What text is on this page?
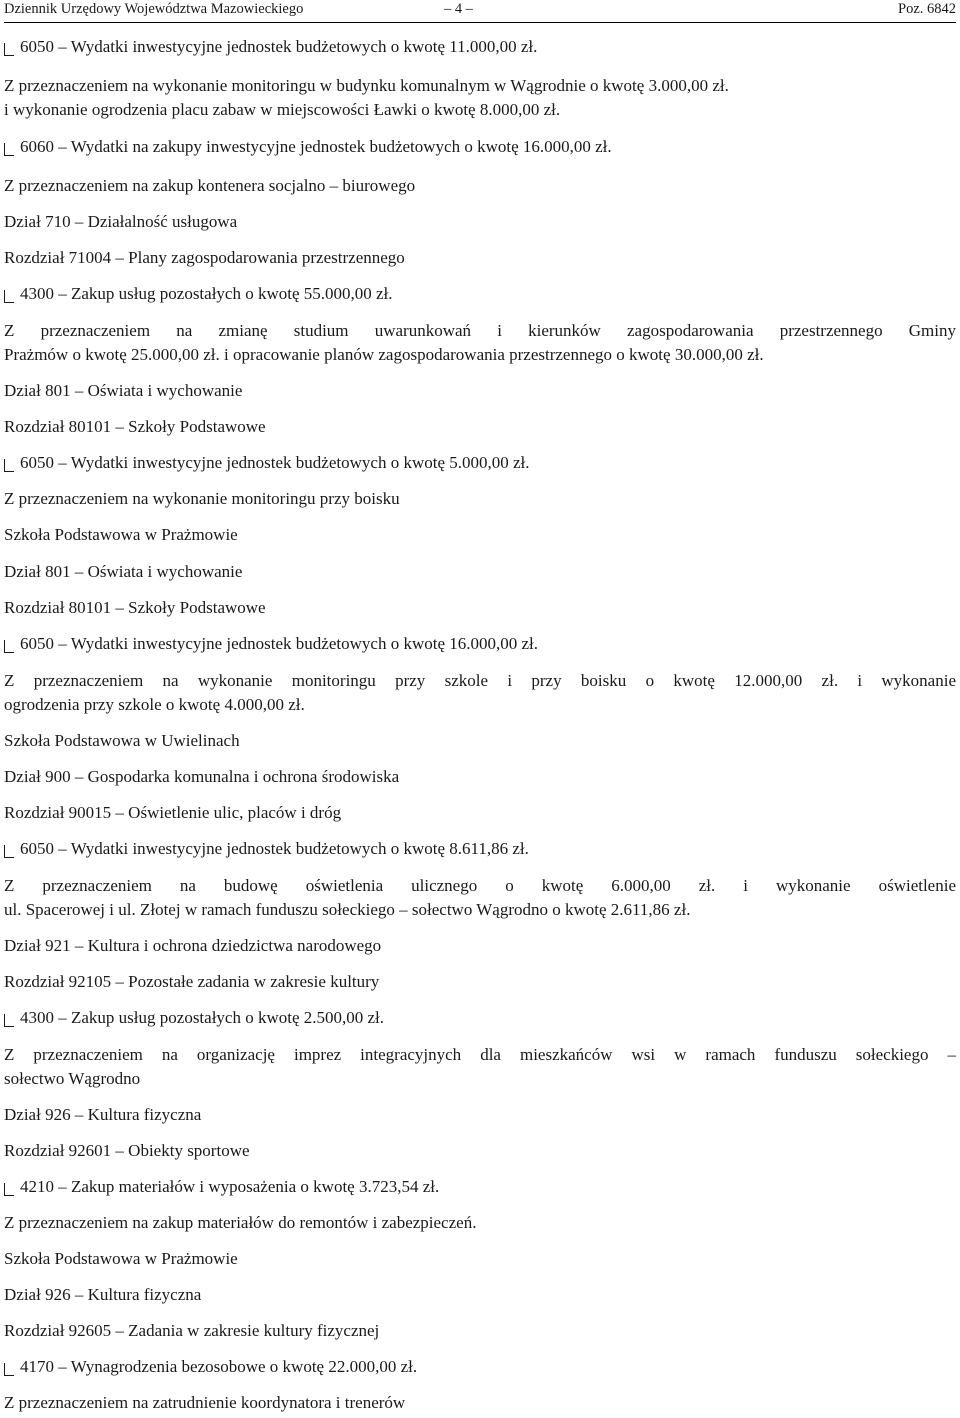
Dziennik Urzędowy Województwa Mazowieckiego	– 4 –	Poz. 6842
6050 – Wydatki inwestycyjne jednostek budżetowych o kwotę 11.000,00 zł.
Z przeznaczeniem na wykonanie monitoringu w budynku komunalnym w Wągrodnie o kwotę 3.000,00 zł.
i wykonanie ogrodzenia placu zabaw w miejscowości Ławki o kwotę 8.000,00 zł.
6060 – Wydatki na zakupy inwestycyjne jednostek budżetowych o kwotę 16.000,00 zł.
Z przeznaczeniem na zakup kontenera socjalno – biurowego
Dział 710 – Działalność usługowa
Rozdział 71004 – Plany zagospodarowania przestrzennego
4300 – Zakup usług pozostałych o kwotę 55.000,00 zł.
Z przeznaczeniem na zmianę studium uwarunkowań i kierunków zagospodarowania przestrzennego Gminy
Prażmów o kwotę 25.000,00 zł. i opracowanie planów zagospodarowania przestrzennego o kwotę 30.000,00 zł.
Dział 801 – Oświata i wychowanie
Rozdział 80101 – Szkoły Podstawowe
6050 – Wydatki inwestycyjne jednostek budżetowych o kwotę 5.000,00 zł.
Z przeznaczeniem na wykonanie monitoringu przy boisku
Szkoła Podstawowa w Prażmowie
Dział 801 – Oświata i wychowanie
Rozdział 80101 – Szkoły Podstawowe
6050 – Wydatki inwestycyjne jednostek budżetowych o kwotę 16.000,00 zł.
Z przeznaczeniem na wykonanie monitoringu przy szkole i przy boisku o kwotę 12.000,00 zł. i wykonanie
ogrodzenia przy szkole o kwotę 4.000,00 zł.
Szkoła Podstawowa w Uwielinach
Dział 900 – Gospodarka komunalna i ochrona środowiska
Rozdział 90015 – Oświetlenie ulic, placów i dróg
6050 – Wydatki inwestycyjne jednostek budżetowych o kwotę 8.611,86 zł.
Z przeznaczeniem na budowę oświetlenia ulicznego o kwotę 6.000,00 zł. i wykonanie oświetlenie
ul. Spacerowej i ul. Złotej w ramach funduszu sołeckiego – sołectwo Wągrodno o kwotę 2.611,86 zł.
Dział 921 – Kultura i ochrona dziedzictwa narodowego
Rozdział 92105 – Pozostałe zadania w zakresie kultury
4300 – Zakup usług pozostałych o kwotę 2.500,00 zł.
Z przeznaczeniem na organizację imprez integracyjnych dla mieszkańców wsi w ramach funduszu sołeckiego –
sołectwo Wągrodno
Dział 926 – Kultura fizyczna
Rozdział 92601 – Obiekty sportowe
4210 – Zakup materiałów i wyposażenia o kwotę 3.723,54 zł.
Z przeznaczeniem na zakup materiałów do remontów i zabezpieczeń.
Szkoła Podstawowa w Prażmowie
Dział 926 – Kultura fizyczna
Rozdział 92605 – Zadania w zakresie kultury fizycznej
4170 – Wynagrodzenia bezosobowe o kwotę 22.000,00 zł.
Z przeznaczeniem na zatrudnienie koordynatora i trenerów
